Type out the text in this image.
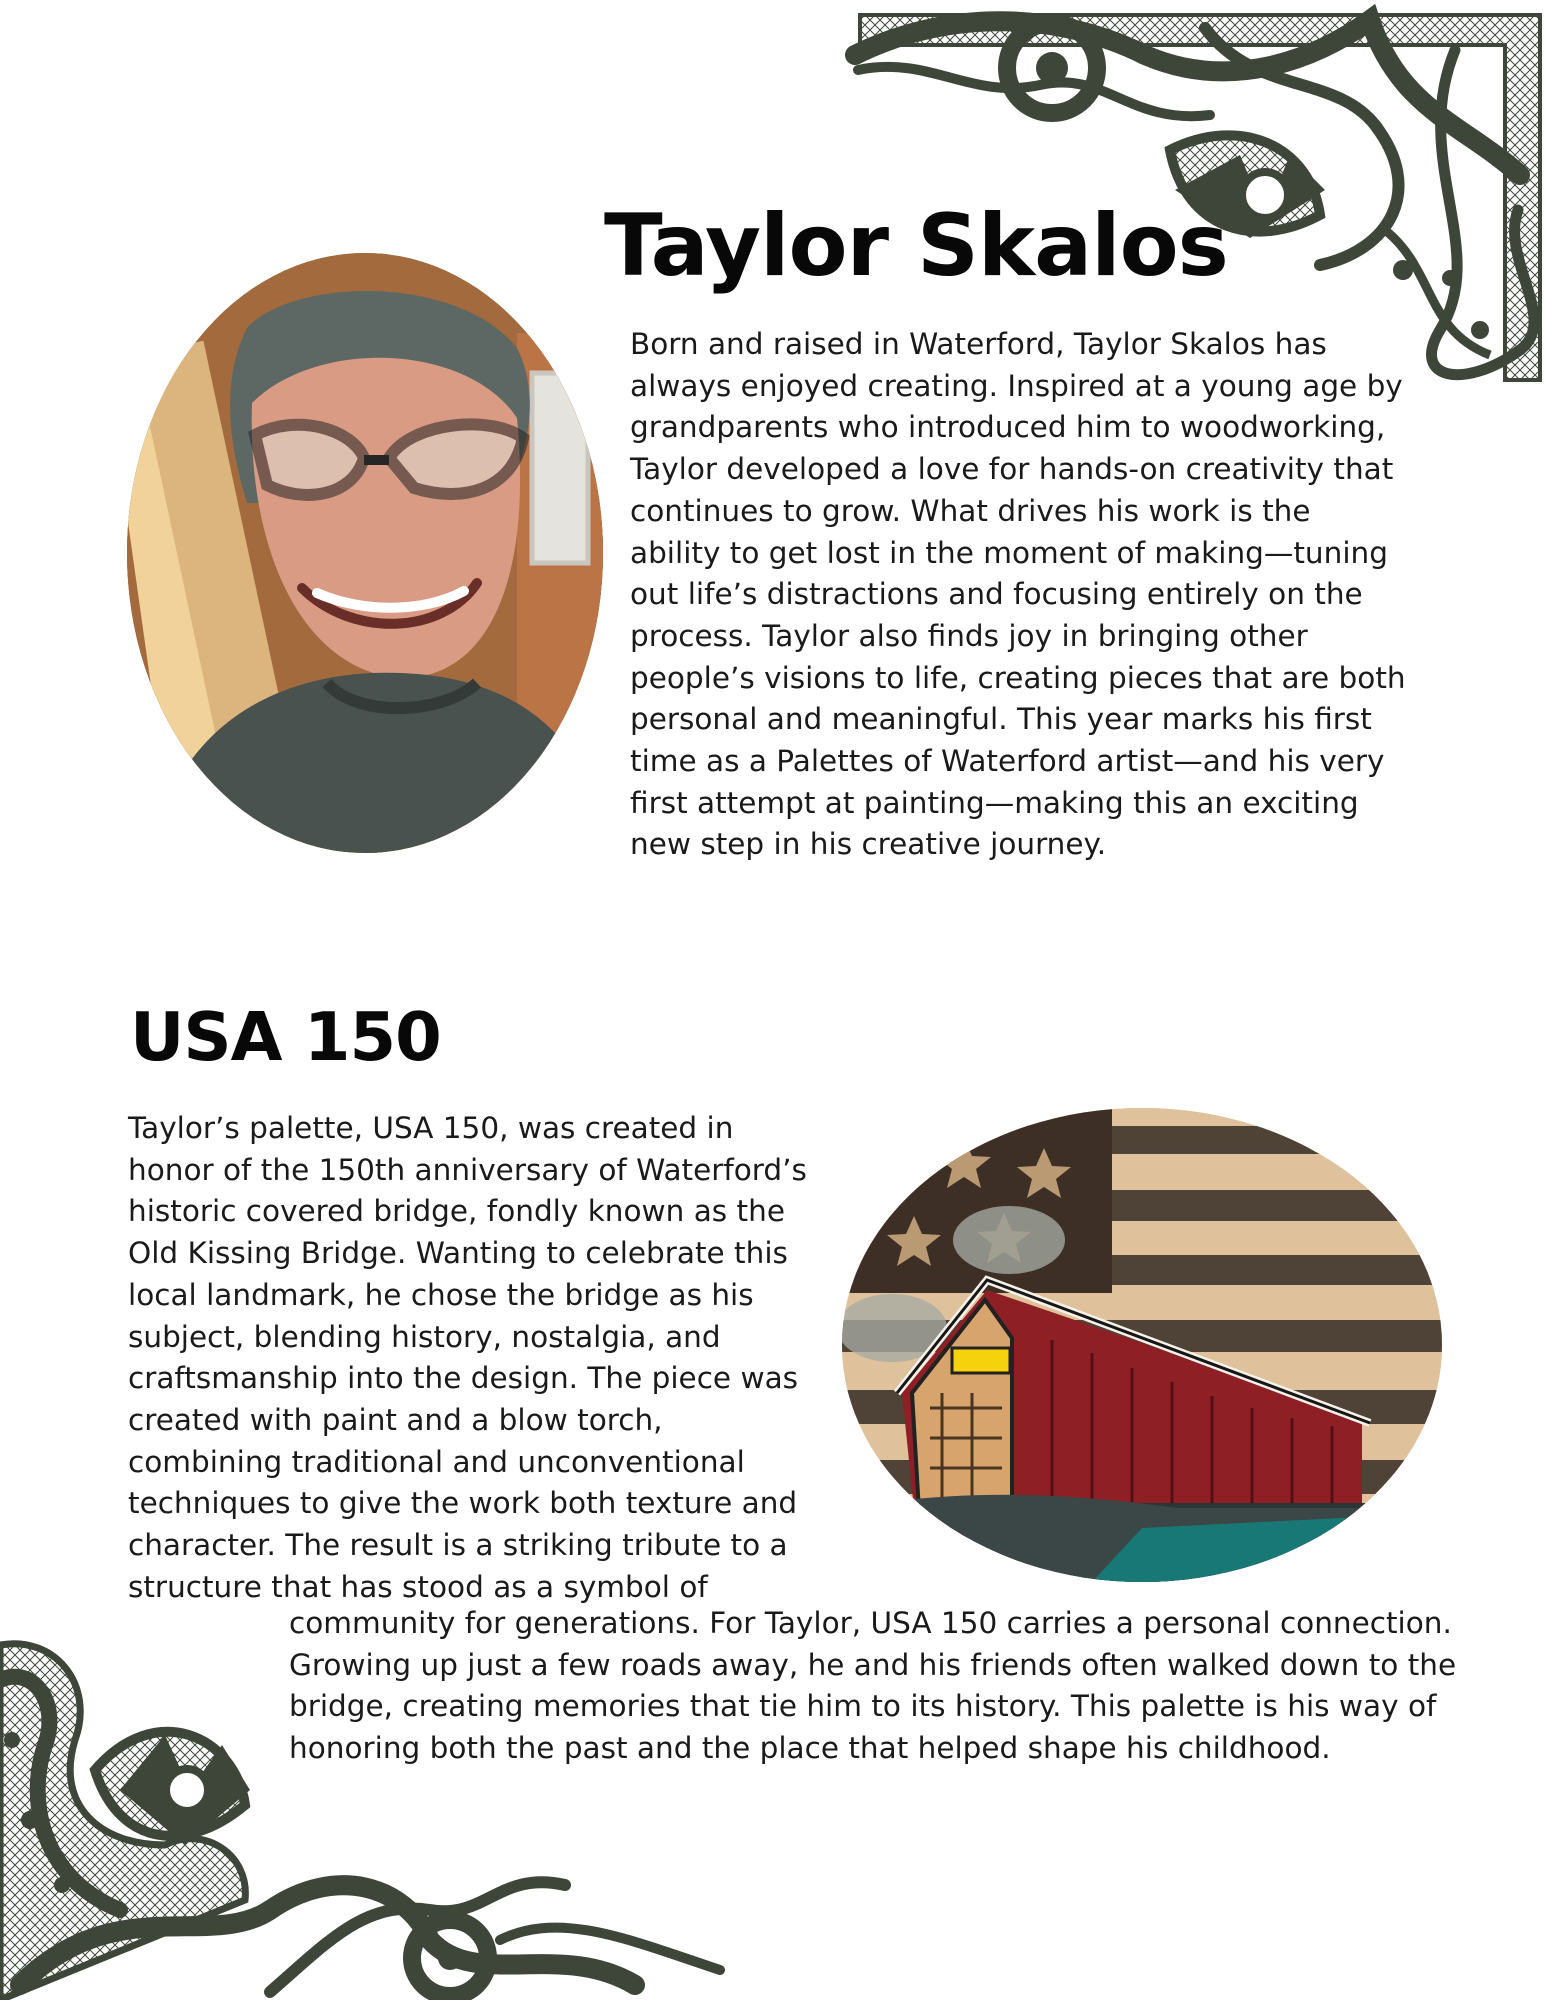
Taylor Skalos

Born and raised in Waterford, Taylor Skalos has
always enjoyed creating. Inspired at a young age by
grandparents who introduced him to woodworking,
Taylor developed a love for hands-on creativity that
continues to grow. What drives his work is the
ability to get lost in the moment of making—tuning
out life’s distractions and focusing entirely on the
process. Taylor also finds joy in bringing other
people’s visions to life, creating pieces that are both
personal and meaningful. This year marks his first
time as a Palettes of Waterford artist—and his very
first attempt at painting—making this an exciting
new step in his creative journey.

USA 150

Taylor’s palette, USA 150, was created in
honor of the 150th anniversary of Waterford’s
historic covered bridge, fondly known as the
Old Kissing Bridge. Wanting to celebrate this
local landmark, he chose the bridge as his
subject, blending history, nostalgia, and
craftsmanship into the design. The piece was
created with paint and a blow torch,
combining traditional and unconventional
techniques to give the work both texture and
character. The result is a striking tribute to a
structure that has stood as a symbol of

community for generations. For Taylor, USA 150 carries a personal connection.
Growing up just a few roads away, he and his friends often walked down to the
bridge, creating memories that tie him to its history. This palette is his way of
honoring both the past and the place that helped shape his childhood.
